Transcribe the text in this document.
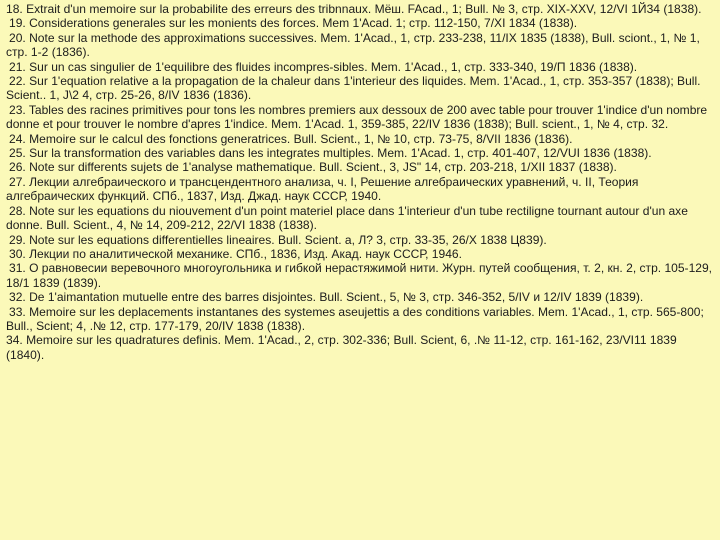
18. Extrait d'un memoire sur la probabilite des erreurs des tribnnaux. Мёш. FAcad., 1; Bull. № 3, стр. XIX-XXV, 12/VI 1Й34 (1838).

19. Considerations generales sur les monients des forces. Mem 1'Acad. 1; стр. 112-150, 7/XI 1834 (1838).

20. Note sur la methode des approximations successives. Mem. 1'Acad., 1, стр. 233-238, 11/IX 1835 (1838), Bull. sciont., 1, № 1, стр. 1-2 (1836).

21. Sur un cas singulier de 1'equilibre des fluides incompres-sibles. Mem. 1'Acad., 1, стр. 333-340, 19/П 1836 (1838).

22. Sur 1'equation relative a la propagation de la chaleur dans 1'interieur des liquides. Mem. 1'Acad., 1, стр. 353-357 (1838); Bull. Scient.. 1, J\2 4, стр. 25-26, 8/IV 1836 (1836).

23. Tables des racines primitives pour tons les nombres premiers aux dessoux de 200 avec table pour trouver 1'indice d'un nombre donne et pour trouver le nombre d'apres 1'indice. Mem. 1'Acad. 1, 359-385, 22/IV 1836 (1838); Bull. scient., 1, № 4, стр. 32.

24. Memoire sur le calcul des fonctions generatrices. Bull. Scient., 1, № 10, стр. 73-75, 8/VII 1836 (1836).

25. Sur la transformation des variables dans les integrates multiples. Mem. 1'Acad. 1, стр. 401-407, 12/VUI 1836 (1838).

26. Note sur differents sujets de 1'analyse mathematique. Bull. Scient., 3, JS" 14, стр. 203-218, 1/XII 1837 (1838).

27. Лекции алгебраического и трансцендентного анализа, ч. I, Решение алгебраических уравнений, ч. II, Теория алгебраических функций. СПб., 1837, Изд. Джад. наук СССР, 1940.

28. Note sur les equations du niouvement d'un point materiel place dans 1'interieur d'un tube rectiligne tournant autour d'un axe donne. Bull. Scient., 4, № 14, 209-212, 22/VI 1838 (1838).

29. Note sur les equations differentielles lineaires. Bull. Scient. а, Л? 3, стр. 33-35, 26/Х 1838 Ц839).

30. Лекции по аналитической механике. СПб., 1836, Изд. Акад. наук СССР, 1946.

31. О равновесии веревочного многоугольника и гибкой нерастяжимой нити. Журн. путей сообщения, т. 2, кн. 2, стр. 105-129, 18/1 1839 (1839).

32. De 1'aimantation mutuelle entre des barres disjointes. Bull. Scient., 5, № 3, стр. 346-352, 5/IV и 12/IV 1839 (1839).

33. Memoire sur les deplacements instantanes des systemes aseujettis a des conditions variables. Mem. 1'Acad., 1, стр. 565-800; Bull., Scient; 4, .№ 12, стр. 177-179, 20/IV 1838 (1838).

34. Memoire sur les quadratures definis. Mem. 1'Acad., 2, стр. 302-336; Bull. Scient, 6, .№ 11-12, стр. 161-162, 23/VI11 1839 (1840).
